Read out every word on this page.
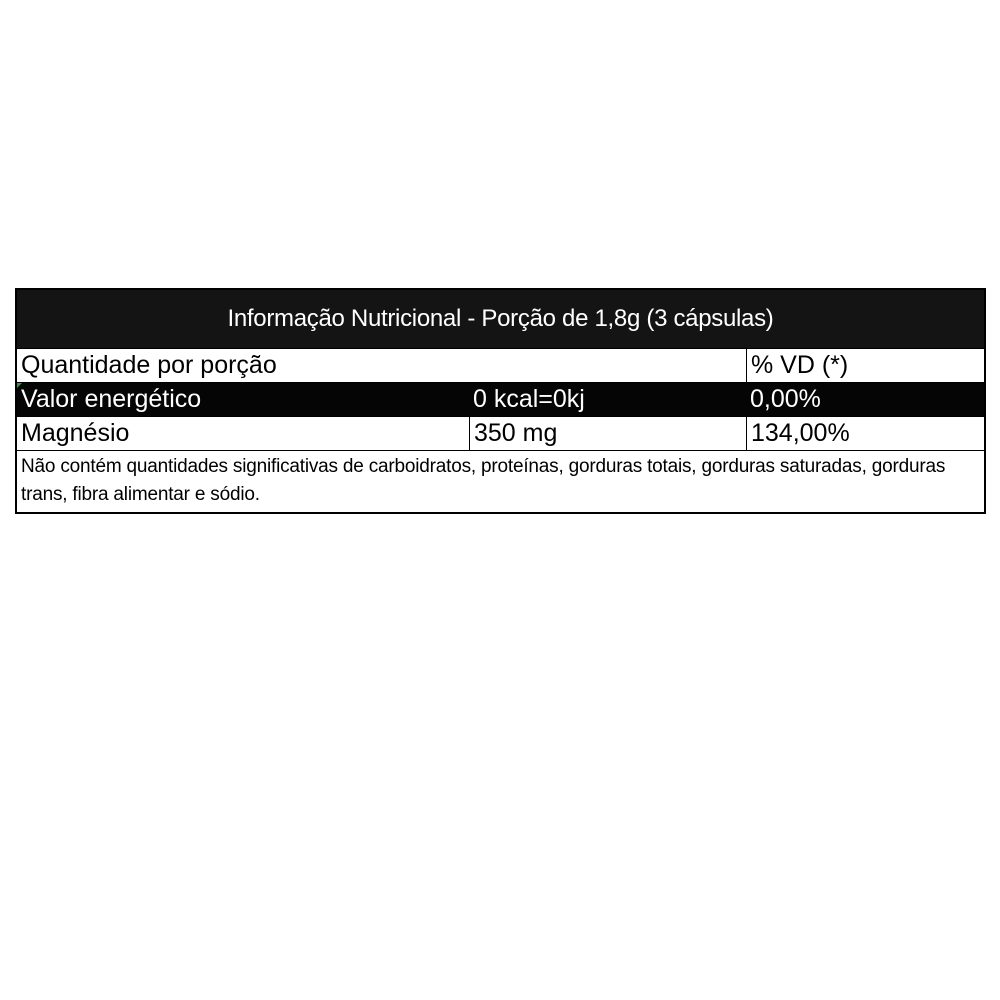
Informação Nutricional - Porção de 1,8g (3 cápsulas)
Quantidade por porção	% VD (*)
Valor energético	0 kcal=0kj	0,00%
Magnésio	350 mg	134,00%
Não contém quantidades significativas de carboidratos, proteínas, gorduras totais, gorduras saturadas, gorduras trans, fibra alimentar e sódio.
